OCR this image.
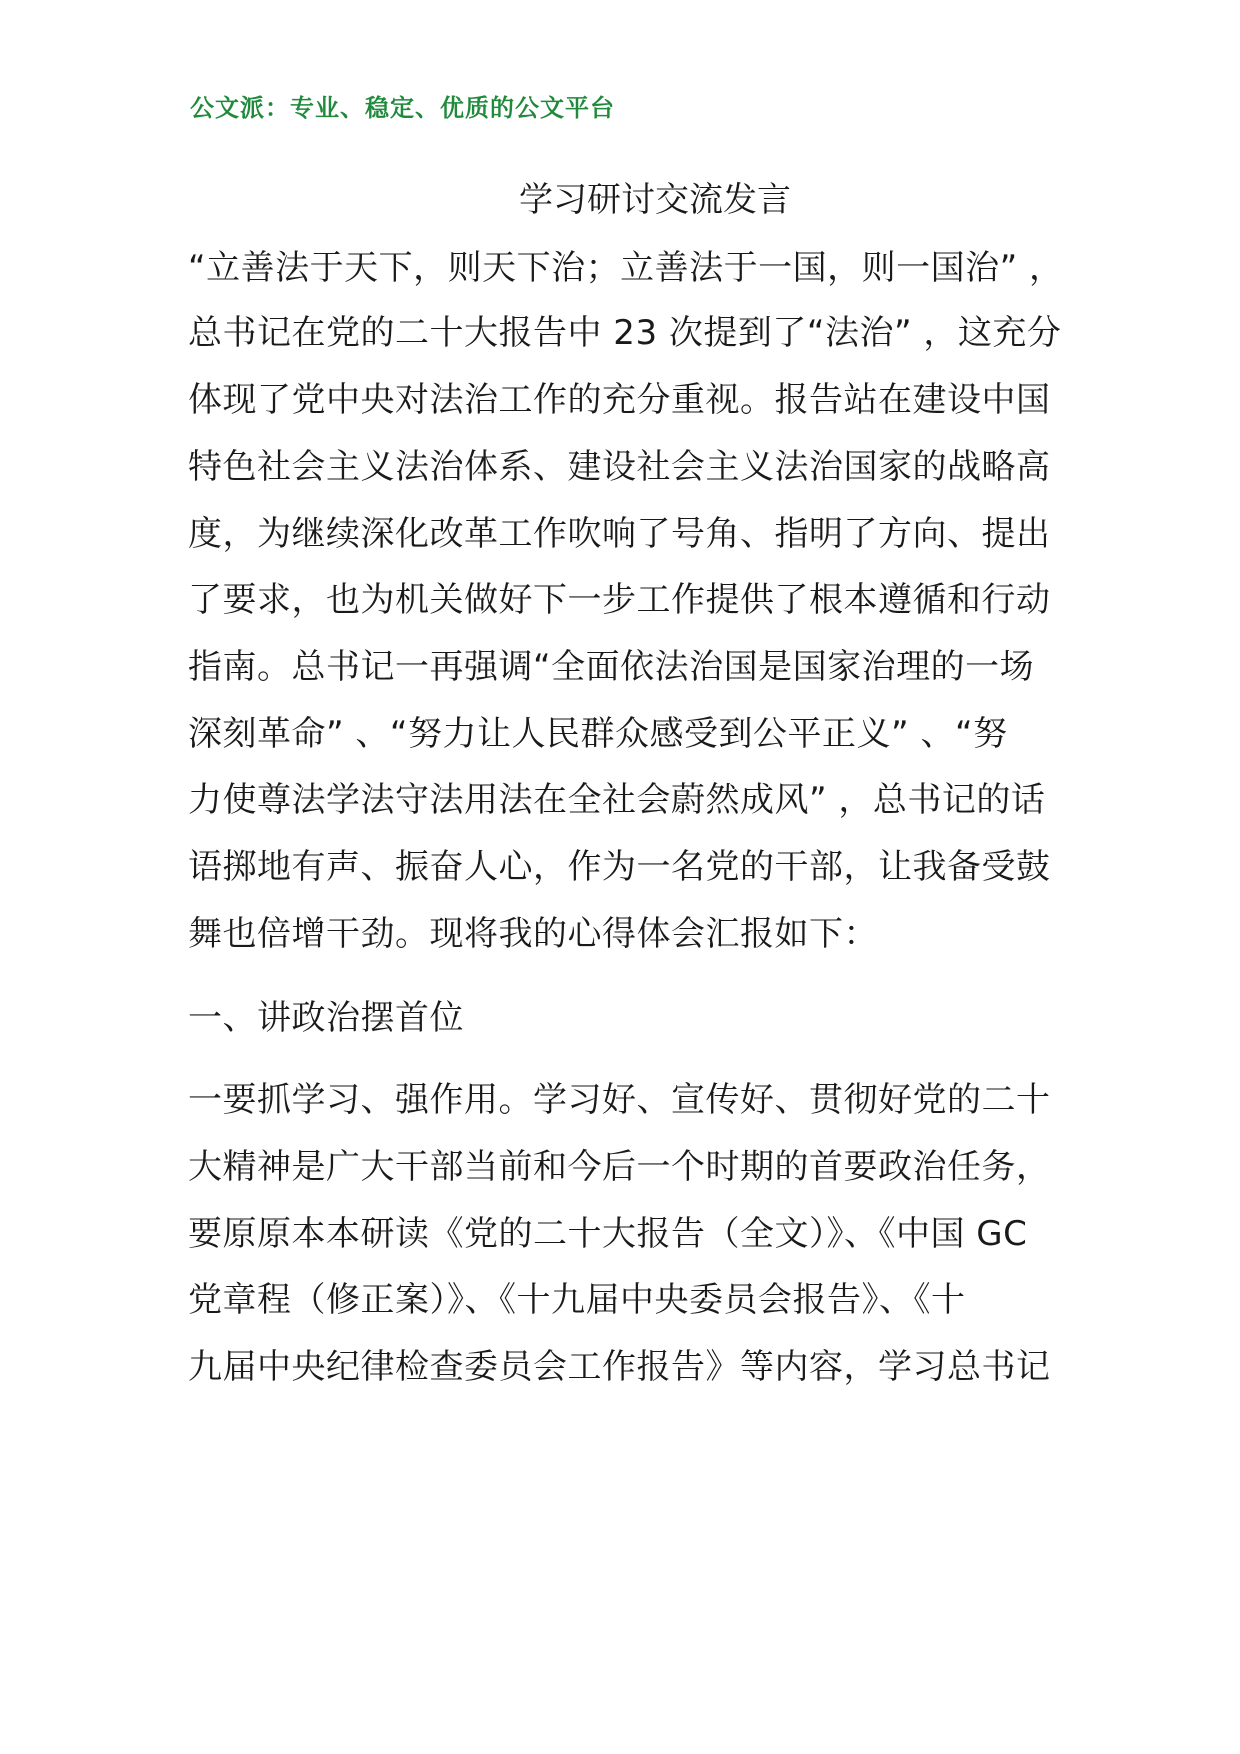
公文派：专业、稳定、优质的公文平台
学习研讨交流发言
“立善法于天下，则天下治；立善法于一国，则一国治” ，
总书记在党的二十大报告中 23 次提到了“法治” ，这充分
体现了党中央对法治工作的充分重视。报告站在建设中国
特色社会主义法治体系、建设社会主义法治国家的战略高
度，为继续深化改革工作吹响了号角、指明了方向、提出
了要求，也为机关做好下一步工作提供了根本遵循和行动
指南。总书记一再强调“全面依法治国是国家治理的一场
深刻革命” 、“努力让人民群众感受到公平正义” 、“努
力使尊法学法守法用法在全社会蔚然成风” ，总书记的话
语掷地有声、振奋人心，作为一名党的干部，让我备受鼓
舞也倍增干劲。现将我的心得体会汇报如下：
一、讲政治摆首位
一要抓学习、强作用。学习好、宣传好、贯彻好党的二十
大精神是广大干部当前和今后一个时期的首要政治任务，
要原原本本研读《党的二十大报告（全文）》、《中国 GC
党章程（修正案）》、《十九届中央委员会报告》、《十
九届中央纪律检查委员会工作报告》等内容，学习总书记
